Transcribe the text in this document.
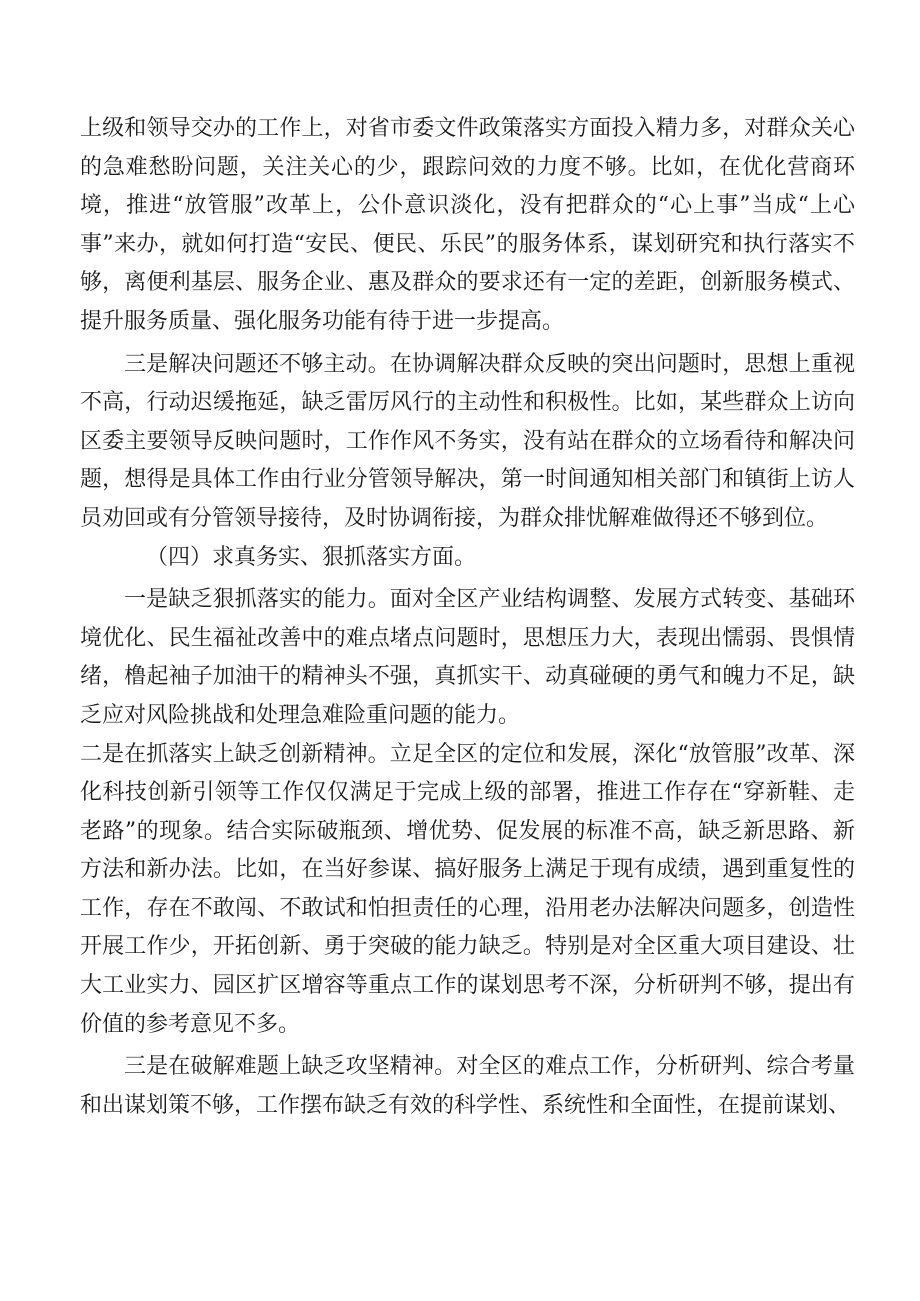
上级和领导交办的工作上，对省市委文件政策落实方面投入精力多，对群众关心的急难愁盼问题，关注关心的少，跟踪问效的力度不够。比如，在优化营商环境，推进“放管服”改革上，公仆意识淡化，没有把群众的“心上事”当成“上心事”来办，就如何打造“安民、便民、乐民”的服务体系，谋划研究和执行落实不够，离便利基层、服务企业、惠及群众的要求还有一定的差距，创新服务模式、提升服务质量、强化服务功能有待于进一步提高。

三是解决问题还不够主动。在协调解决群众反映的突出问题时，思想上重视不高，行动迟缓拖延，缺乏雷厉风行的主动性和积极性。比如，某些群众上访向区委主要领导反映问题时，工作作风不务实，没有站在群众的立场看待和解决问题，想得是具体工作由行业分管领导解决，第一时间通知相关部门和镇街上访人员劝回或有分管领导接待，及时协调衔接，为群众排忧解难做得还不够到位。

（四）求真务实、狠抓落实方面。

一是缺乏狠抓落实的能力。面对全区产业结构调整、发展方式转变、基础环境优化、民生福祉改善中的难点堵点问题时，思想压力大，表现出懦弱、畏惧情绪，橹起袖子加油干的精神头不强，真抓实干、动真碰硬的勇气和魄力不足，缺乏应对风险挑战和处理急难险重问题的能力。

二是在抓落实上缺乏创新精神。立足全区的定位和发展，深化“放管服”改革、深化科技创新引领等工作仅仅满足于完成上级的部署，推进工作存在“穿新鞋、走老路”的现象。结合实际破瓶颈、增优势、促发展的标准不高，缺乏新思路、新方法和新办法。比如，在当好参谋、搞好服务上满足于现有成绩，遇到重复性的工作，存在不敢闯、不敢试和怕担责任的心理，沿用老办法解决问题多，创造性开展工作少，开拓创新、勇于突破的能力缺乏。特别是对全区重大项目建设、壮大工业实力、园区扩区增容等重点工作的谋划思考不深，分析研判不够，提出有价值的参考意见不多。

三是在破解难题上缺乏攻坚精神。对全区的难点工作，分析研判、综合考量和出谋划策不够，工作摆布缺乏有效的科学性、系统性和全面性，在提前谋划、
